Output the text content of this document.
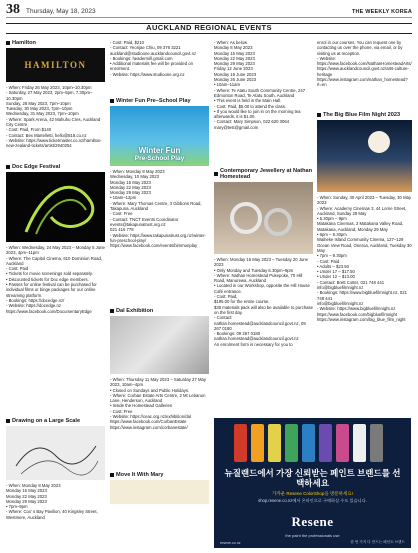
38 Thursday, May 18, 2023	THE WEEKLY KOREA
AUCKLAND REGIONAL EVENTS
Hamilton
HAMILTON
- When: Friday 26 May 2023, 10pm–10.30pm
- Saturday, 27 May 2023, 2pm–5pm, 7.30pm–10.30pm
Sunday, 28 May 2023, 7pm–10pm
Tuesday, 30 May 2023, 7pm–10pm
Wednesday, 31 May 2023, 7pm–10pm
- Where: Spark Arena, 42 Mahuhu Cres, Auckland City Centre
- Cost: Paid, From $140
- Contact: Bex Martelletti, hello@818.co.nz
- Website: https://www.ticketmaster.co.nz/hamilton-new-zealand-tickets/artist/2940254
Doc Edge Festival
- When: Wednesday, 24 May 2023 – Monday 5 June 2023, 4pm–11pm
- Where: The Capitol Cinema, 610 Dominion Road, Auckland
- Cost: Paid
• Tickets for movie screenings sold separately.
• Discounted tickets for Doc edge members.
• Passes for online festival can be purchased for individual films or binge packages for our online streaming platform.
- Bookings: https://docedge.nz/
- Website: https://docedge.nz
https://www.facebook.com/DocumentaryEdge
Drawing on a Large Scale
- When: Monday 8 May 2023
Monday 15 May 2023
Monday 22 May 2023
Monday 29 May 2023
• 7pm–9pm
- Where: Cox' s Bay Pavilion, 40 Kingsley Street, Westmere, Auckland
- Cost: Paid, $210
- Contact: Yeonjae Chiu, 09 376 3221
auckland@studioone.aucklandcouncil.govt.nz
- Bookings: headermill.gmail.com
• Additional materials fee will be provided on enrolment.
- Website: https://www.studioone.org.nz
Winter Fun Pre–School Play
Winter Fun
Pre-School Play
- When: Monday 8 May 2023
Wednesday, 10 May 2023
Monday 15 May 2023
Monday 22 May 2023
Monday 29 May 2023
• 10am–12pm
- Where: Mary Thomas Centre, 3 Gibbons Road, Takapuna, Auckland
- Cost: Free
- Contact: TNCT Events Coordinator
events@takapunatrust.org.nz
021 416 778
- Website: https://www.takapunatrust.org.nz/winter-fun-preschool-play/
https://www.facebook.com/events/bimmunplay
Dal Exhibition
- When: Thursday 11 May 2023 – Saturday 27 May 2023, 10am–4pm
• Closed on Sundays and Public Holidays.
- Where: Corban Estate Arts Centre, 2 Mt Lebanon Lane, Henderson, Auckland
• Inside the Homestead Galleries
- Cost: Free
- Website: https://ceac.org.nz/exhibition/dal
https://www.facebook.com/CorbanEstate
https://www.instagram.com/corbanestate/
Move It With Mary
- When: As below
Monday 8 May 2023
Monday 15 May 2023
Monday 22 May 2023
Monday 29 May 2023
Friday 12 June 2023
Monday 19 June 2023
Monday 26 June 2023
• 10am–11am
- Where: Te Atatu South Community Centre, 247 Edmonton Road, Te Atatu South, Auckland
• This event is held in the Main Hall.
- Cost: Paid, $5.00 to attend the class.
• If you would like to join in on the morning tea afterwards, it is $1.00.
- Contact: Mary Simpson, 022 620 3064
mary@test@gmail.com
Contemporary Jewellery at Nathan Homestead
- When: Monday 15 May 2023 – Tuesday 20 June 2023
• Only Monday and Tuesday 6.30pm–9pm
- Where: Nathan Homestead Pukepoke, 70 Hill Road, Manurewa, Auckland
• Located in our Workshop, opposite the Hill House Café entrance.
- Cost: Paid,
$195.00 for the entire course.
$30 materials pack will also be available to purchase on the first day.
- Contact: nathan.homestead@aucklandcouncil.govt.nz, 09 267 0180
- Bookings: 09 267 0180
nathan.homestead@aucklandcouncil.govt.nz
An enrolment form is necessary for you to
enrol in our courses. You can request one by contacting us over the phone, via email, or by visiting us at reception.
- Website: https://www.facebook.com/NathanHomesteadArts/
https://www.aucklandcouncil.govt.nz/arts-culture-heritage
https://www.instagram.com/nathan_homestead?rl=en
The Big Blue Film Night 2023
- When: Sunday, 30 April 2023 – Tuesday, 30 May 2023
- Where: Academy Cinemas 3, 44 Lorne Street, Auckland, Sunday 28 May
• 5.30pm – 9pm
Matakana Cinemas, 2 Matakana Valley Road, Matakana, Auckland, Monday 29 May
• 6pm – 8.30pm
Waiheke Island Community Cinema, 127–129 Ocean View Road, Oneroa, Auckland, Tuesday 30 May
• 7pm – 9.30pm
- Cost: Paid
• Adults – $23.50
• Under 17 – $17.50
• Under 12 – $13.00
- Contact: Brett Cotter, 021 748 441
info@bigbluefilmnight.nz
- Bookings: https://www.bigbluefilmnight.nz, 021 748 441
info@bigbluefilmnight.nz
- Website: https://www.bigbluefilmnight.nz
https://www.facebook.com/bigbluefilmnight
https://www.instagram.com/big_blue_film_night
뉴질랜드에서 가장 신뢰받는 페인트 브랜드를 선택하세요
가까운 Resene ColorShop을 방문하세요!
shop.resene.co.nz에서 온라인으로 구매하실 수도 있습니다.
Resene
the paint the professionals use
resene.co.nz	한 번 가지 다 만드는 페인트 브랜드
